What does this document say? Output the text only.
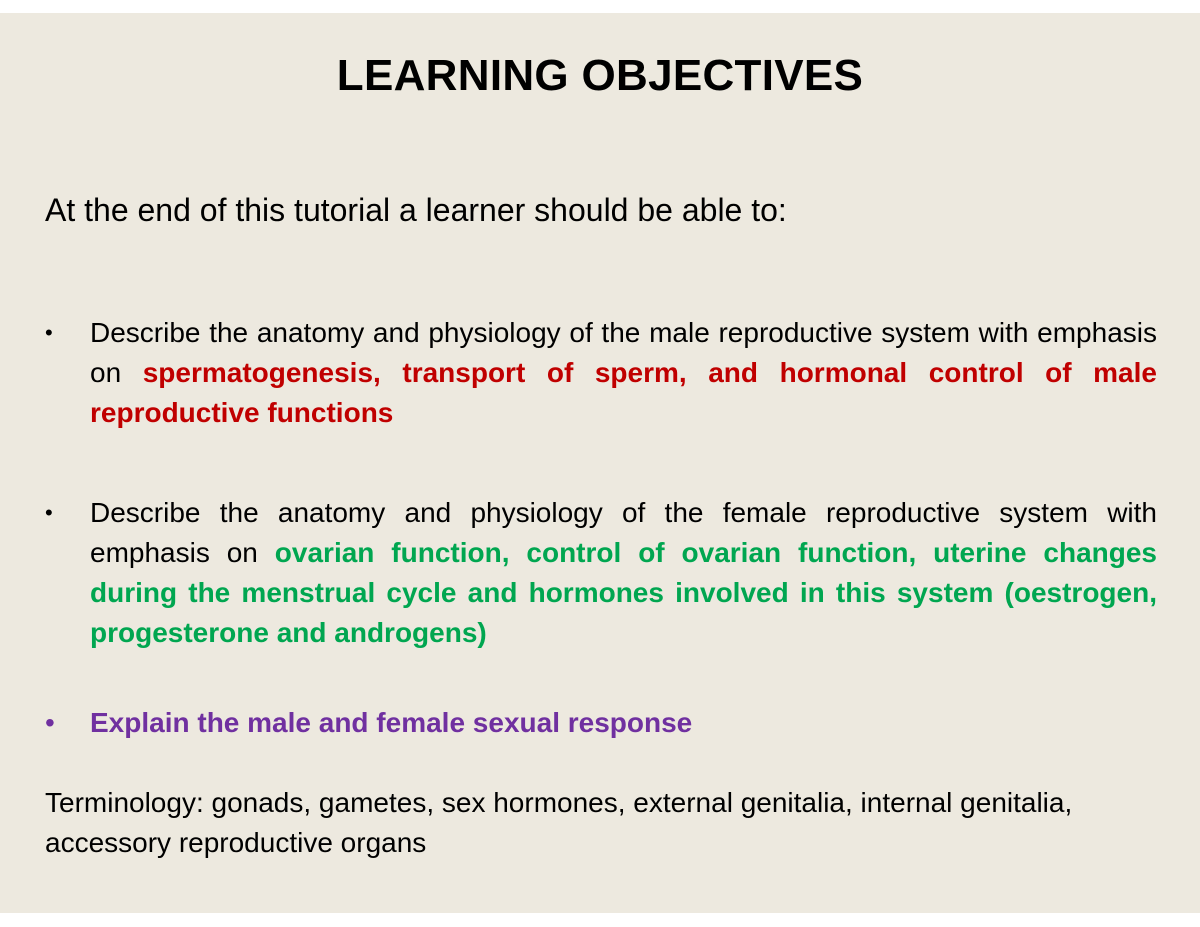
LEARNING OBJECTIVES
At the end of this tutorial a learner should be able to:
•	Describe the anatomy and physiology of the male reproductive system with emphasis on spermatogenesis, transport of sperm, and hormonal control of male reproductive functions
•	Describe the anatomy and physiology of the female reproductive system with emphasis on ovarian function, control of ovarian function, uterine changes during the menstrual cycle and hormones involved in this system (oestrogen, progesterone and androgens)
•	Explain the male and female sexual response
Terminology: gonads, gametes, sex hormones, external genitalia, internal genitalia, accessory reproductive organs
